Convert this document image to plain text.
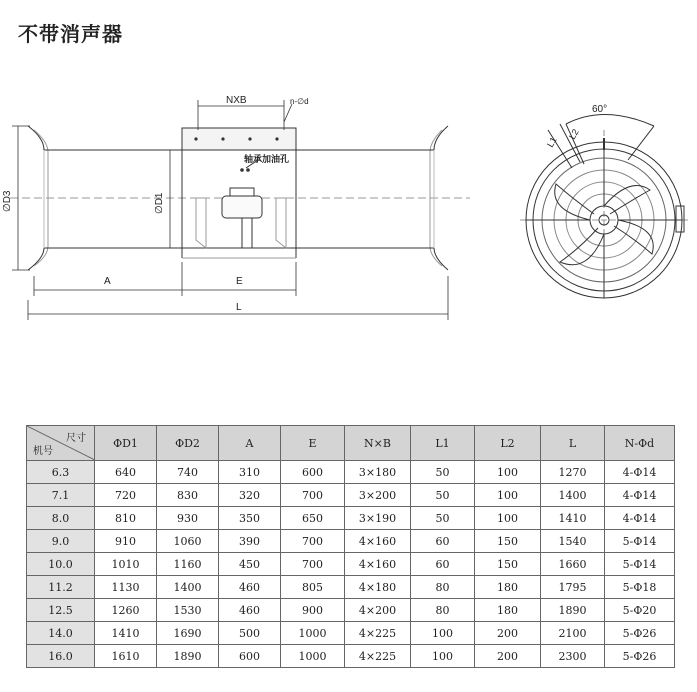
不带消声器
NXB	n-∅d
轴承加油孔
∅D1
∅D3
A	E
L
60°
L1
L2
尺寸
机号	ΦD1	ΦD2	A	E	N×B	L1	L2	L	N-Φd
6.3	640	740	310	600	3×180	50	100	1270	4-Φ14
7.1	720	830	320	700	3×200	50	100	1400	4-Φ14
8.0	810	930	350	650	3×190	50	100	1410	4-Φ14
9.0	910	1060	390	700	4×160	60	150	1540	5-Φ14
10.0	1010	1160	450	700	4×160	60	150	1660	5-Φ14
11.2	1130	1400	460	805	4×180	80	180	1795	5-Φ18
12.5	1260	1530	460	900	4×200	80	180	1890	5-Φ20
14.0	1410	1690	500	1000	4×225	100	200	2100	5-Φ26
16.0	1610	1890	600	1000	4×225	100	200	2300	5-Φ26
